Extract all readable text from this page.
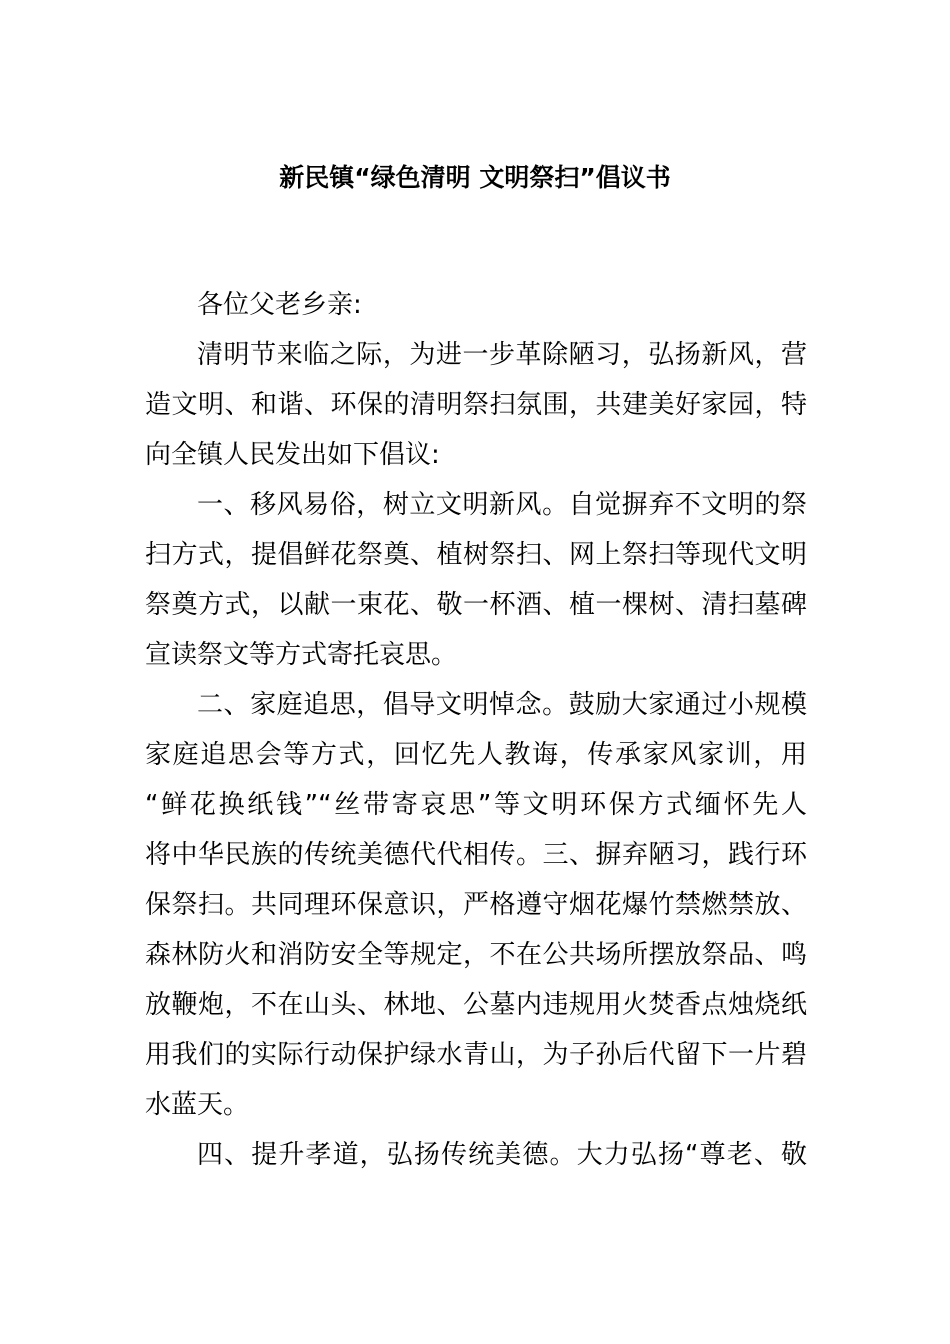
新民镇“绿色清明 文明祭扫”倡议书
各位父老乡亲:
清明节来临之际，为进一步革除陋习，弘扬新风，营
造文明、和谐、环保的清明祭扫氛围，共建美好家园，特
向全镇人民发出如下倡议:
一、移风易俗，树立文明新风。自觉摒弃不文明的祭
扫方式，提倡鲜花祭奠、植树祭扫、网上祭扫等现代文明
祭奠方式，以献一束花、敬一杯酒、植一棵树、清扫墓碑
宣读祭文等方式寄托哀思。
二、家庭追思，倡导文明悼念。鼓励大家通过小规模
家庭追思会等方式，回忆先人教诲，传承家风家训，用
“鲜花换纸钱”“丝带寄哀思”等文明环保方式缅怀先人
将中华民族的传统美德代代相传。三、摒弃陋习，践行环
保祭扫。共同理环保意识，严格遵守烟花爆竹禁燃禁放、
森林防火和消防安全等规定，不在公共场所摆放祭品、鸣
放鞭炮，不在山头、林地、公墓内违规用火焚香点烛烧纸
用我们的实际行动保护绿水青山，为子孙后代留下一片碧
水蓝天。
四、提升孝道，弘扬传统美德。大力弘扬“尊老、敬
